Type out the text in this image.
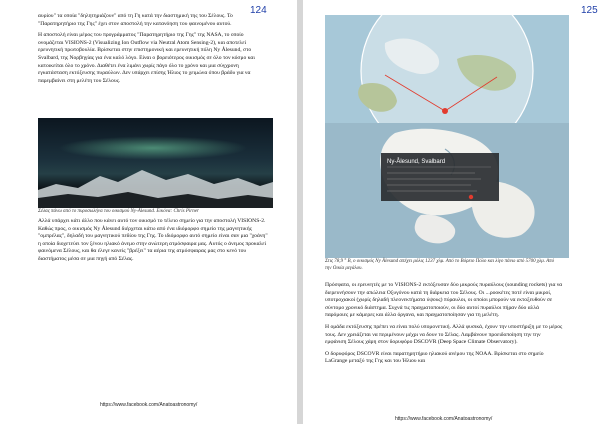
124

αυρίου" τα οποία "δηλητηριάζουν" από τη Γη κατά την διαστημική της του Σέλους. Το "Παρατηρητήριο της Γης" έχει στον αποστολή την κατανόηση του φαινομένου αυτού.

Η αποστολή είναι μέρος του προγράμματος "Παρατηρητήριο της Γης" της NASA, το οποίο ονομάζεται VISIONS-2 (Visualizing Ion Outflow via Neutral Atom Sensing-2), και αποτελεί ερευνητική πρωτοβουλία. Βρίσκεται στην επιστημονική και ερευνητική πόλη Ny Ålesund, στο Svalbard, της Νορβηγίας για ένα καλό λόγο. Είναι ο βορειότερος οικισμός σε όλο τον κόσμο και κατοικείται όλο το χρόνο. Διαθέτει ένα λιμάνι χωρίς πάγο όλο το χρόνο και μια σύγχρονη εγκατάσταση εκτόξευσης πυραύλων. Δεν υπάρχει επίσης Ήλιος το χειμώνα όπου βράδυ για να παρεμβαίνει στη μελέτη του Σέλους.

Σέλας πάνω από το πυροσωλήνα του οικισμού Ny-Ålesund. Εικόνα: Chris Pirner

Αλλά υπάρχει κάτι άλλο που κάνει αυτό τον οικισμό το τέλειο σημείο για την αποστολή VISIONS-2. Καθώς προς, ο οικισμός Ny Ålesund διέρχεται κάτω από ένα ιδιόμορφο σημείο της μαγνητικής "ομπρέλας", δηλαδή του μαγνητικού πεδίου της Γης. Το ιδιόμορφο αυτό σημείο είναι σαν μια "χοάνη" η οποία διοχετεύει τον ξένου ηλιακό άνεμο στην ανώτερη ατμόσφαιρα μας. Αυτός ο άνεμος προκαλεί φαινόμενα Σέλους, και θα έλεγε κανείς "βρέξει" τα αέρια της ατμόσφαιρας μας στο κενό του διαστήματος μέσα σε μια πηγή από Σέλας.

https://www.facebook.com/Anatoastronomy/
125
Ny-Ålesund, Svalbard
Στις 78,9 ° Β, ο οικισμός Ny Ålesund απέχει μόλις 1237 χλμ. Από το Βόρειο Πόλο και λίγο πάνω από 5700 χλμ. Από την Οικία μεγάλου.

Πρόσφατα, οι ερευνητές με το VISIONS-2 εκτόξευσαν δύο μικρούς πυραύλους (sounding rockets) για να διερευνήσουν την απώλεια Οξυγόνου κατά τη διάρκεια του Σέλους. Οι ...ροοκέτες ποτέ είναι μικροί, υποτροχιακοί (χωρίς δηλαδή πλεονεκτήματα ύψους) πύραυλοι, οι οποίοι μπορούν να εκτοξευθούν σε σύντομο χρονικό διάστημα. Συχνά τις πραγματοποιούν, οι δύο αυτοί πυραύλοι πήραν δύο αλλά παρόμοιες με κάμερες και άλλα όργανα, και πραγματοποίησαν για τη μελέτη.

Η ομάδα εκτόξευσης πρέπει να είναι πολύ υπομονετική. Αλλά φυσικά, έχουν την υποστήριξη με το μέρος τους. Δεν χρειάζεται να περιμένουν μέχρι να δουν το Σέλας. Λαμβάνουν προειδοποίηση την την εμφάνιση Σέλους χάρη στον δορυφόρο DSCOVR (Deep Space Climate Observatory).

Ο δορυφόρος DSCOVR είναι παρατηρητήριο ηλιακού ανέμου της NOAA. Βρίσκεται στο σημείο LaGrange μεταξύ της Γης και του Ήλιου και

https://www.facebook.com/Anatoastronomy/
